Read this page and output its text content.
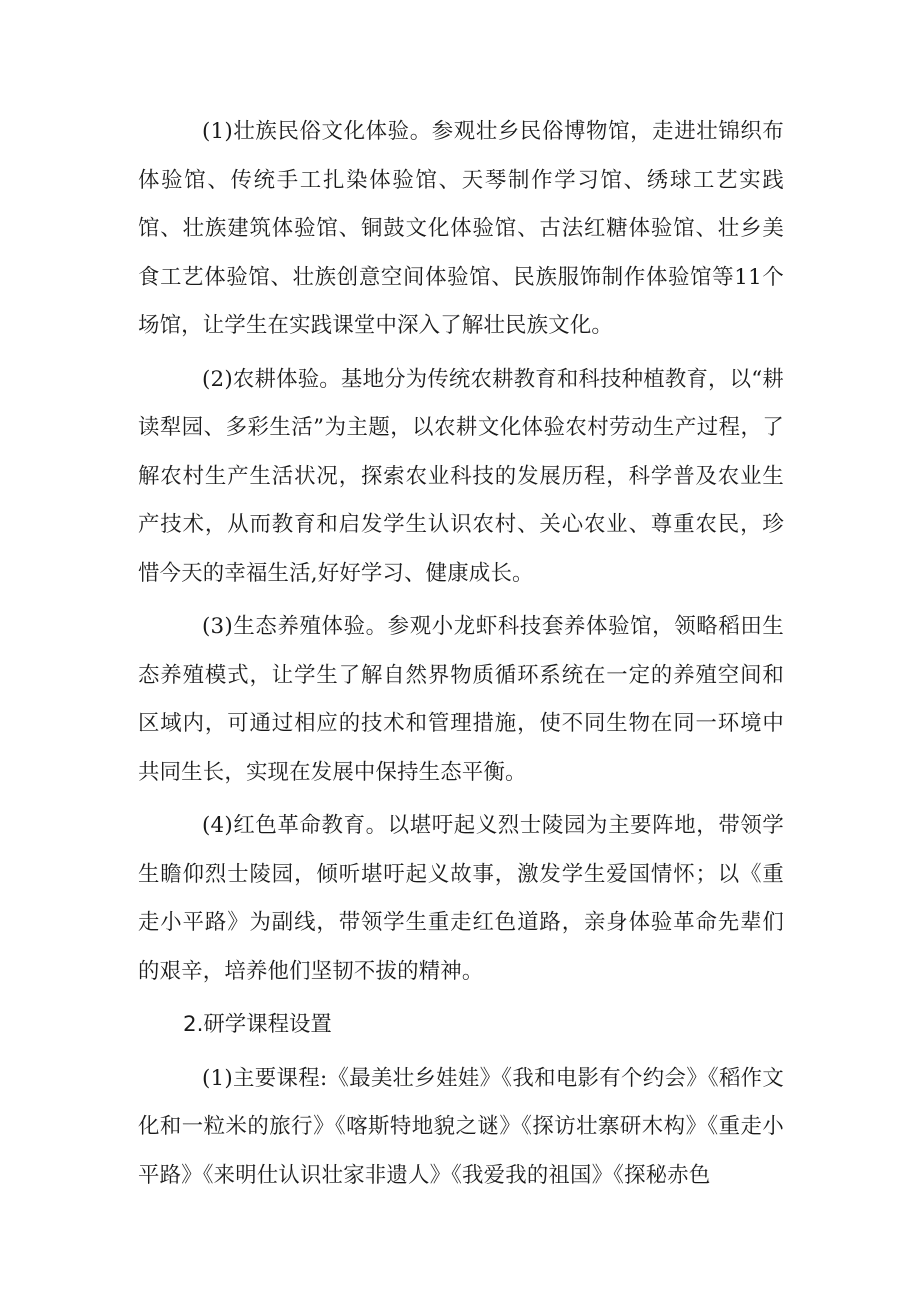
(1)壮族民俗文化体验。参观壮乡民俗博物馆，走进壮锦织布体验馆、传统手工扎染体验馆、天琴制作学习馆、绣球工艺实践馆、壮族建筑体验馆、铜鼓文化体验馆、古法红糖体验馆、壮乡美食工艺体验馆、壮族创意空间体验馆、民族服饰制作体验馆等11个场馆，让学生在实践课堂中深入了解壮民族文化。

(2)农耕体验。基地分为传统农耕教育和科技种植教育，以“耕读犁园、多彩生活”为主题，以农耕文化体验农村劳动生产过程，了解农村生产生活状况，探索农业科技的发展历程，科学普及农业生产技术，从而教育和启发学生认识农村、关心农业、尊重农民，珍惜今天的幸福生活,好好学习、健康成长。

(3)生态养殖体验。参观小龙虾科技套养体验馆，领略稻田生态养殖模式，让学生了解自然界物质循环系统在一定的养殖空间和区域内，可通过相应的技术和管理措施，使不同生物在同一环境中共同生长，实现在发展中保持生态平衡。

(4)红色革命教育。以堪吁起义烈士陵园为主要阵地，带领学生瞻仰烈士陵园，倾听堪吁起义故事，激发学生爱国情怀；以《重走小平路》为副线，带领学生重走红色道路，亲身体验革命先辈们的艰辛，培养他们坚韧不拔的精神。

2.研学课程设置

(1)主要课程:《最美壮乡娃娃》《我和电影有个约会》《稻作文化和一粒米的旅行》《喀斯特地貌之谜》《探访壮寨研木构》《重走小平路》《来明仕认识壮家非遗人》《我爱我的祖国》《探秘赤色
